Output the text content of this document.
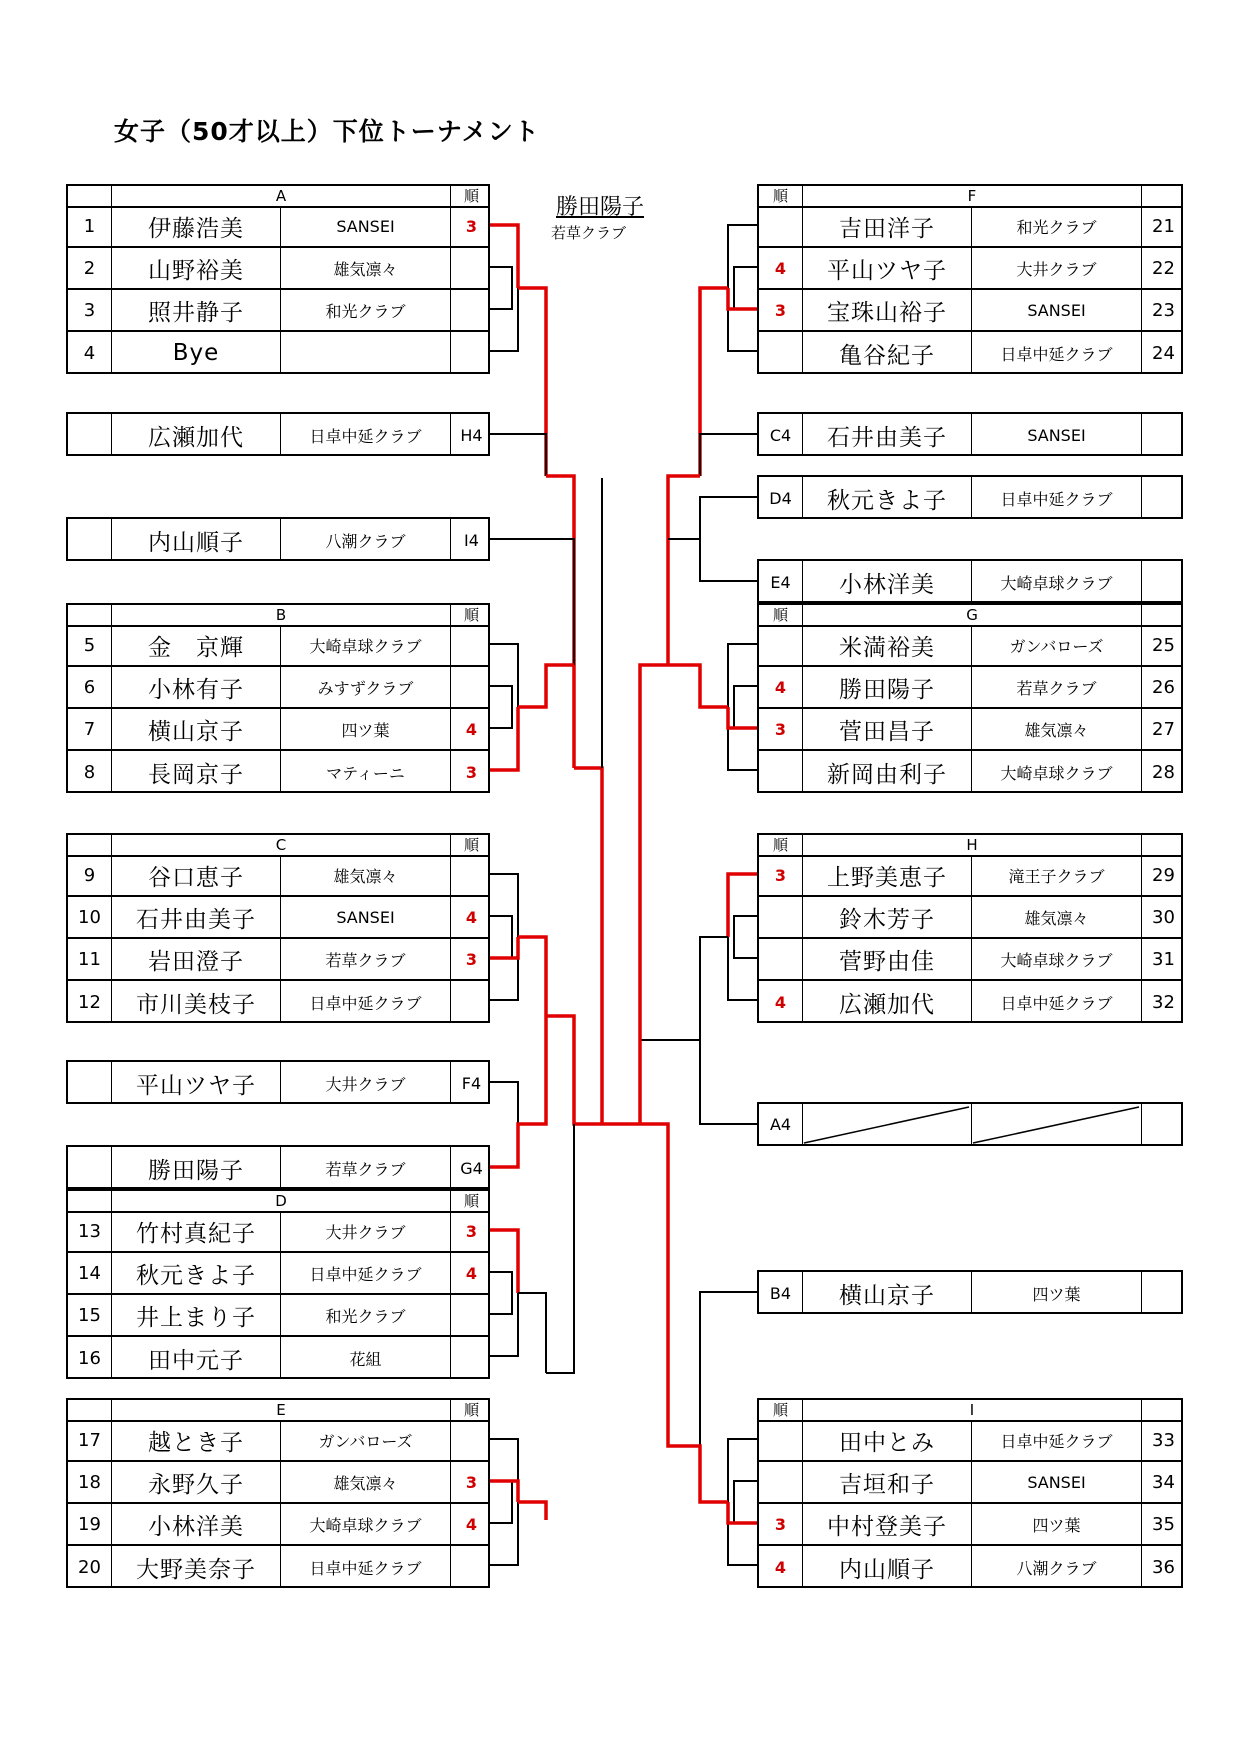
女子（50才以上）下位トーナメント
勝田陽子
若草クラブ
A	順
1	伊藤浩美	SANSEI	3
2	山野裕美	雄気凛々
3	照井静子	和光クラブ
4	Bye
B	順
5	金　京輝	大崎卓球クラブ
6	小林有子	みすずクラブ
7	横山京子	四ツ葉	4
8	長岡京子	マティーニ	3
C	順
9	谷口恵子	雄気凛々
10	石井由美子	SANSEI	4
11	岩田澄子	若草クラブ	3
12	市川美枝子	日卓中延クラブ
D	順
13	竹村真紀子	大井クラブ	3
14	秋元きよ子	日卓中延クラブ	4
15	井上まり子	和光クラブ
16	田中元子	花組
E	順
17	越とき子	ガンバローズ
18	永野久子	雄気凛々	3
19	小林洋美	大崎卓球クラブ	4
20	大野美奈子	日卓中延クラブ
順	F
吉田洋子	和光クラブ	21
4	平山ツヤ子	大井クラブ	22
3	宝珠山裕子	SANSEI	23
亀谷紀子	日卓中延クラブ	24
順	G
米満裕美	ガンバローズ	25
4	勝田陽子	若草クラブ	26
3	菅田昌子	雄気凛々	27
新岡由利子	大崎卓球クラブ	28
順	H
3	上野美恵子	滝王子クラブ	29
鈴木芳子	雄気凛々	30
菅野由佳	大崎卓球クラブ	31
4	広瀬加代	日卓中延クラブ	32
順	I
田中とみ	日卓中延クラブ	33
吉垣和子	SANSEI	34
3	中村登美子	四ツ葉	35
4	内山順子	八潮クラブ	36
広瀬加代	日卓中延クラブ	H4
内山順子	八潮クラブ	I4
平山ツヤ子	大井クラブ	F4
勝田陽子	若草クラブ	G4
C4	石井由美子	SANSEI
D4	秋元きよ子	日卓中延クラブ
E4	小林洋美	大崎卓球クラブ
A4
B4	横山京子	四ツ葉
